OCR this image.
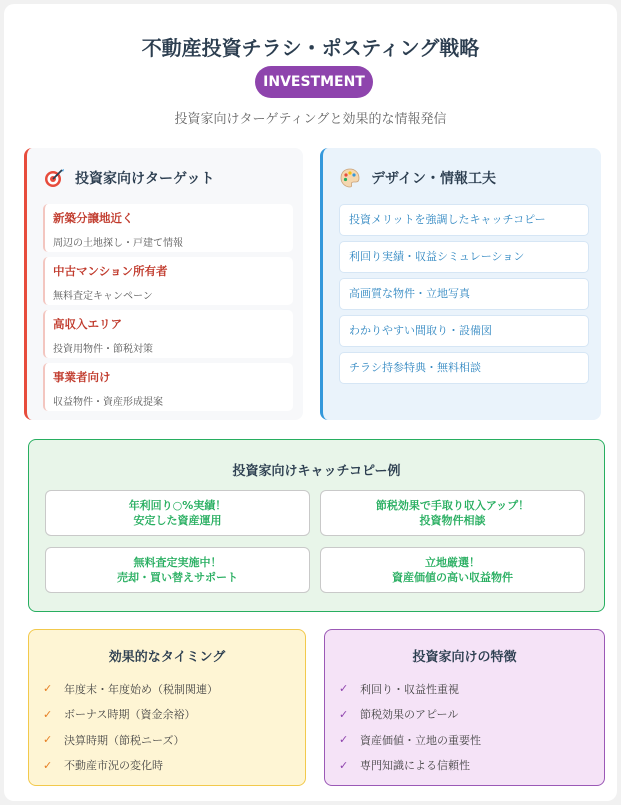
不動産投資チラシ・ポスティング戦略
INVESTMENT
投資家向けターゲティングと効果的な情報発信
投資家向けターゲット
新築分譲地近く
周辺の土地探し・戸建て情報
中古マンション所有者
無料査定キャンペーン
高収入エリア
投資用物件・節税対策
事業者向け
収益物件・資産形成提案
デザイン・情報工夫
投資メリットを強調したキャッチコピー
利回り実績・収益シミュレーション
高画質な物件・立地写真
わかりやすい間取り・設備図
チラシ持参特典・無料相談
投資家向けキャッチコピー例
年利回り○%実績！
安定した資産運用
節税効果で手取り収入アップ！
投資物件相談
無料査定実施中！
売却・買い替えサポート
立地厳選！
資産価値の高い収益物件
効果的なタイミング
✓ 年度末・年度始め（税制関連）
✓ ボーナス時期（資金余裕）
✓ 決算時期（節税ニーズ）
✓ 不動産市況の変化時
投資家向けの特徴
✓ 利回り・収益性重視
✓ 節税効果のアピール
✓ 資産価値・立地の重要性
✓ 専門知識による信頼性
